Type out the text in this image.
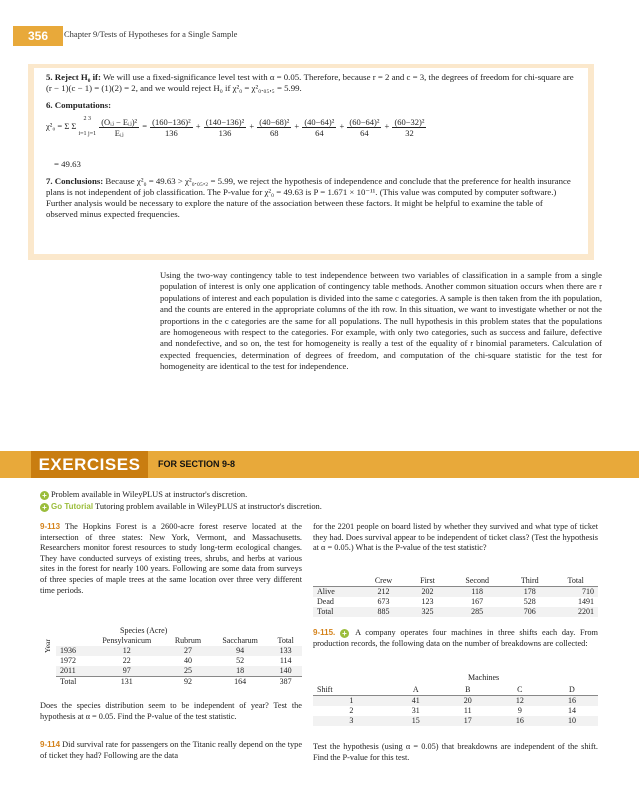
356	Chapter 9/Tests of Hypotheses for a Single Sample
5. Reject H₀ if: We will use a fixed-significance level test with α = 0.05. Therefore, because r = 2 and c = 3, the degrees of freedom for chi-square are (r − 1)(c − 1) = (1)(2) = 2, and we would reject H₀ if χ²₀ = χ²₀.₀₅,₅ = 5.99.
6. Computations:
χ²₀ = Σ Σ
2 3
i=1 j=1
$\frac{\text{(Oᵢⱼ − Eᵢⱼ)²}}{\text{Eᵢⱼ}} = \frac{\text{(160−136)²}}{136} + \frac{\text{(140−136)²}}{136} + \frac{\text{(40−68)²}}{68} + \frac{\text{(40−64)²}}{64} + \frac{\text{(60−64)²}}{64} + \frac{\text{(60−32)²}}{32}$
= 49.63
7. Conclusions: Because χ²₀ = 49.63 > χ²₀.₀₅,₂ = 5.99, we reject the hypothesis of independence and conclude that the preference for health insurance plans is not independent of job classification. The P-value for χ²₀ = 49.63 is P = 1.671 × 10⁻¹¹. (This value was computed by computer software.) Further analysis would be necessary to explore the nature of the association between these factors. It might be helpful to examine the table of observed minus expected frequencies.
Using the two-way contingency table to test independence between two variables of classification in a sample from a single population of interest is only one application of contingency table methods. Another common situation occurs when there are r populations of interest and each population is divided into the same c categories. A sample is then taken from the ith population, and the counts are entered in the appropriate columns of the ith row. In this situation, we want to investigate whether or not the proportions in the c categories are the same for all populations. The null hypothesis in this problem states that the populations are homogeneous with respect to the categories. For example, with only two categories, such as success and failure, defective and nondefective, and so on, the test for homogeneity is really a test of the equality of r binomial parameters. Calculation of expected frequencies, determination of degrees of freedom, and computation of the chi-square statistic for the test for homogeneity are identical to the test for independence.
EXERCISES	FOR SECTION 9-8
+ Problem available in WileyPLUS at instructor's discretion.
+ Go Tutorial Tutoring problem available in WileyPLUS at instructor's discretion.
9-113 The Hopkins Forest is a 2600-acre forest reserve located at the intersection of three states: New York, Vermont, and Massachusetts. Researchers monitor forest resources to study long-term ecological changes. They have conducted surveys of existing trees, shrubs, and herbs at various sites in the forest for nearly 100 years. Following are some data from surveys of three species of maple trees at the same location over three very different time periods.
Species (Acre)
Year
		Pensylvanicum	Rubrum	Saccharum	Total
1936	12	27	94	133
1972	22	40	52	114
2011	97	25	18	140
Total	131	92	164	387
Does the species distribution seem to be independent of year? Test the hypothesis at α = 0.05. Find the P-value of the test statistic.
9-114 Did survival rate for passengers on the Titanic really depend on the type of ticket they had? Following are the data
for the 2201 people on board listed by whether they survived and what type of ticket they had. Does survival appear to be independent of ticket class? (Test the hypothesis at α = 0.05.) What is the P-value of the test statistic?
	Crew	First	Second	Third	Total
Alive	212	202	118	178	710
Dead	673	123	167	528	1491
Total	885	325	285	706	2201
9-115. + A company operates four machines in three shifts each day. From production records, the following data on the number of breakdowns are collected:
Machines
Shift	A	B	C	D
1	41	20	12	16
2	31	11	9	14
3	15	17	16	10
Test the hypothesis (using α = 0.05) that breakdowns are independent of the shift. Find the P-value for this test.
